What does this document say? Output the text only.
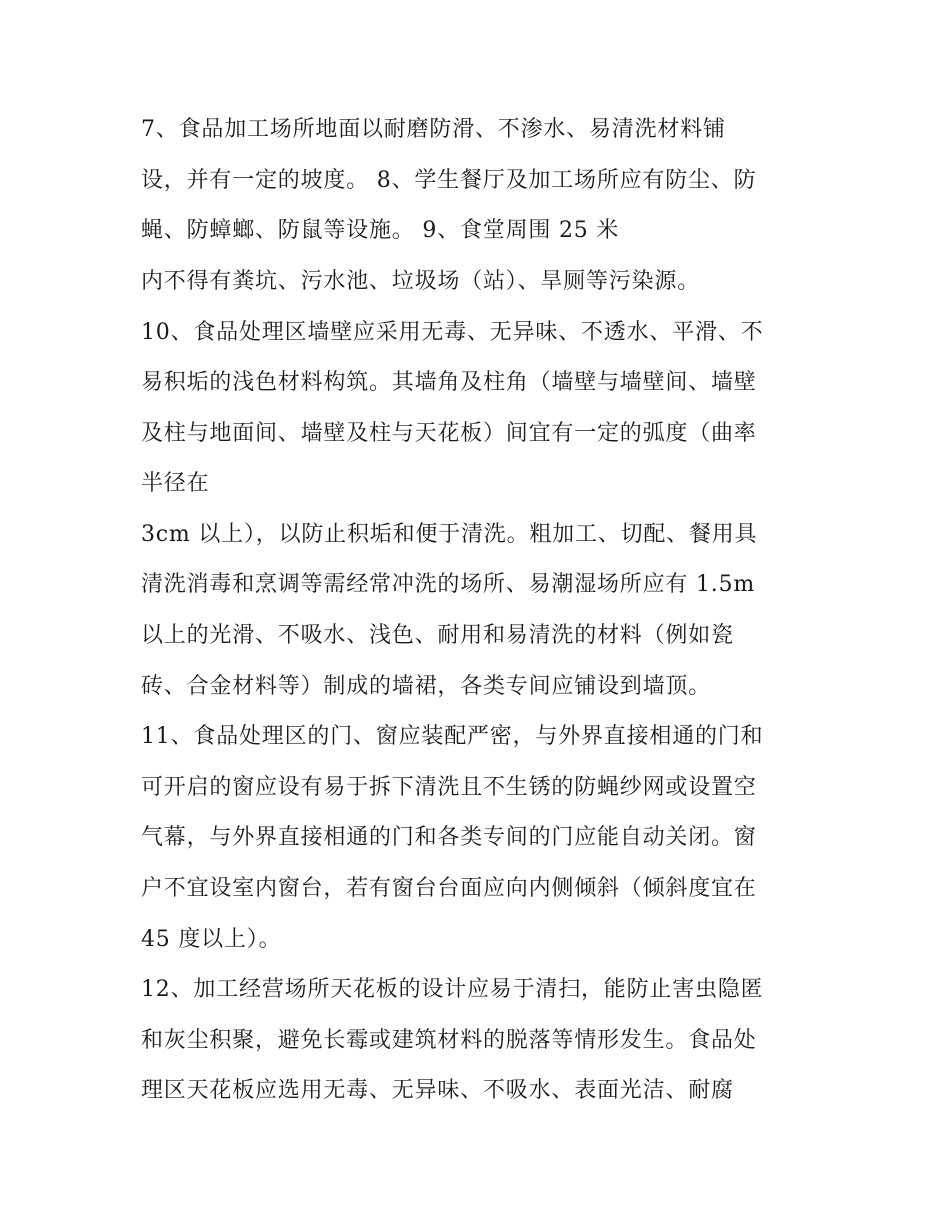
7、食品加工场所地面以耐磨防滑、不渗水、易清洗材料铺
设，并有一定的坡度。 8、学生餐厅及加工场所应有防尘、防
蝇、防蟑螂、防鼠等设施。 9、食堂周围 25 米
内不得有粪坑、污水池、垃圾场（站）、旱厕等污染源。
10、食品处理区墙壁应采用无毒、无异味、不透水、平滑、不
易积垢的浅色材料构筑。其墙角及柱角（墙壁与墙壁间、墙壁
及柱与地面间、墙壁及柱与天花板）间宜有一定的弧度（曲率
半径在
3cm 以上），以防止积垢和便于清洗。粗加工、切配、餐用具
清洗消毒和烹调等需经常冲洗的场所、易潮湿场所应有 1.5m
以上的光滑、不吸水、浅色、耐用和易清洗的材料（例如瓷
砖、合金材料等）制成的墙裙，各类专间应铺设到墙顶。
11、食品处理区的门、窗应装配严密，与外界直接相通的门和
可开启的窗应设有易于拆下清洗且不生锈的防蝇纱网或设置空
气幕，与外界直接相通的门和各类专间的门应能自动关闭。窗
户不宜设室内窗台，若有窗台台面应向内侧倾斜（倾斜度宜在
45 度以上）。
12、加工经营场所天花板的设计应易于清扫，能防止害虫隐匿
和灰尘积聚，避免长霉或建筑材料的脱落等情形发生。食品处
理区天花板应选用无毒、无异味、不吸水、表面光洁、耐腐
